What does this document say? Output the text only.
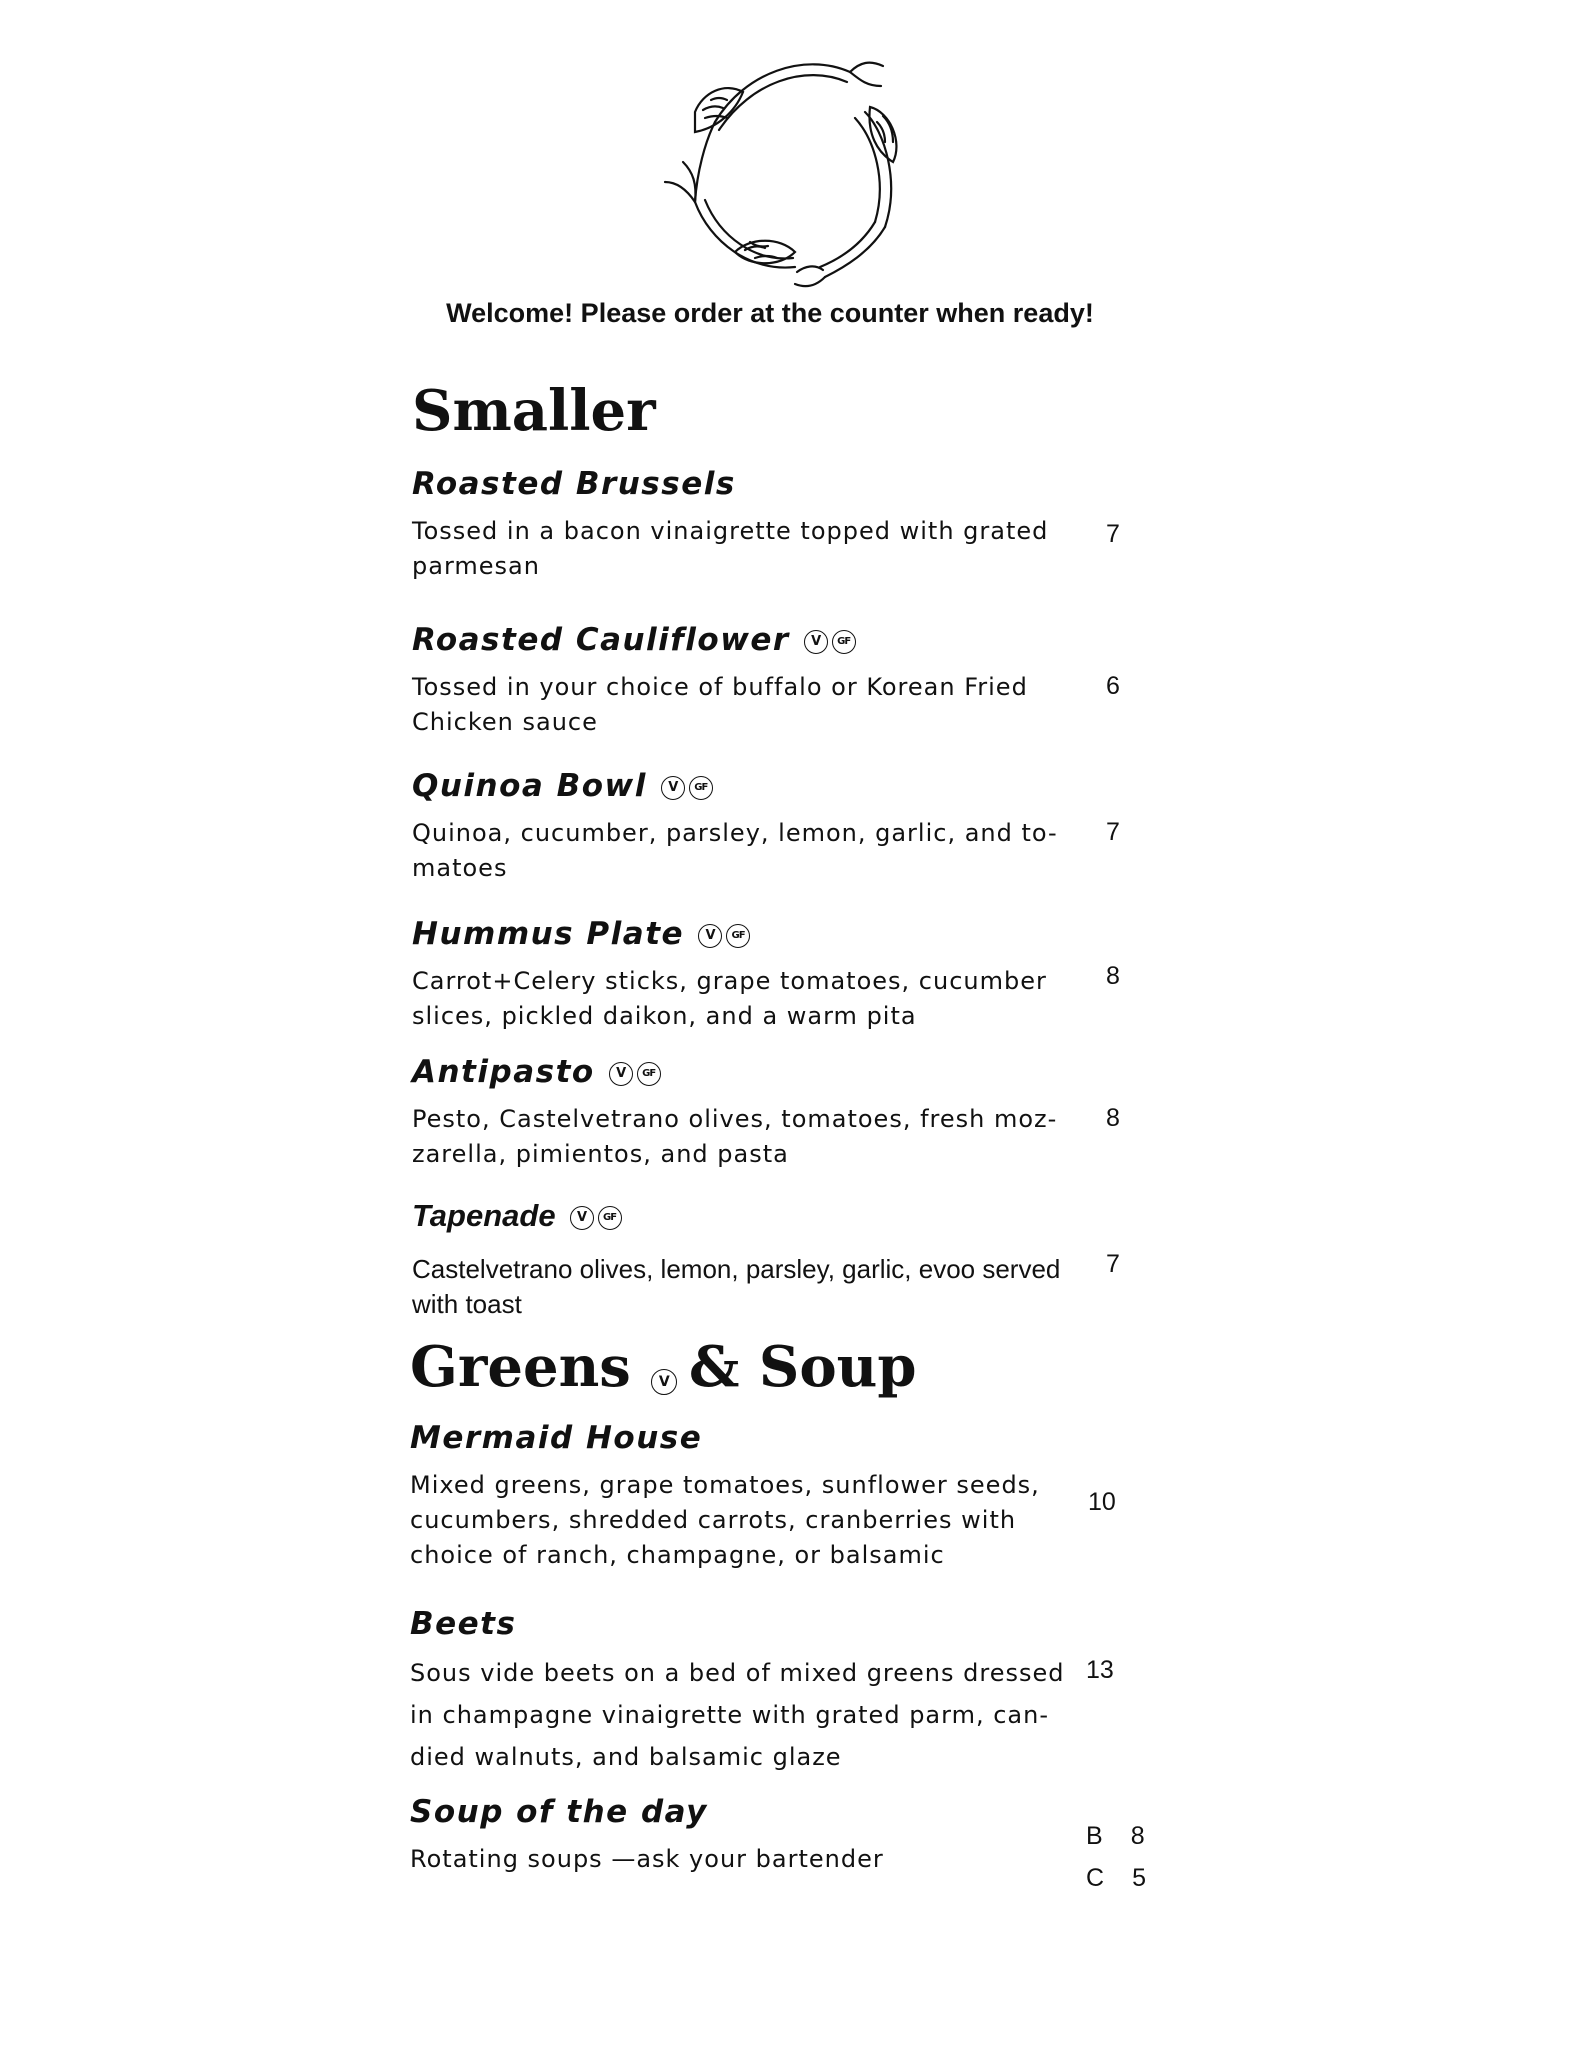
Welcome! Please order at the counter when ready!
Smaller
Roasted Brussels
Tossed in a bacon vinaigrette topped with grated parmesan
7
Roasted Cauliflower	V	GF
Tossed in your choice of buffalo or Korean Fried Chicken sauce
6
Quinoa Bowl	V	GF
Quinoa, cucumber, parsley, lemon, garlic, and to-matoes
7
Hummus Plate	V	GF
Carrot+Celery sticks, grape tomatoes, cucumber slices, pickled daikon, and a warm pita
8
Antipasto	V	GF
Pesto, Castelvetrano olives, tomatoes, fresh moz-zarella, pimientos, and pasta
8
Tapenade	V	GF
Castelvetrano olives, lemon, parsley, garlic, evoo served with toast
7
Greens V & Soup
Mermaid House
Mixed greens, grape tomatoes, sunflower seeds, cucumbers, shredded carrots, cranberries with choice of ranch, champagne, or balsamic
10
Beets
Sous vide beets on a bed of mixed greens dressed in champagne vinaigrette with grated parm, can-died walnuts, and balsamic glaze
13
Soup of the day
Rotating soups —ask your bartender
B 8
C 5
